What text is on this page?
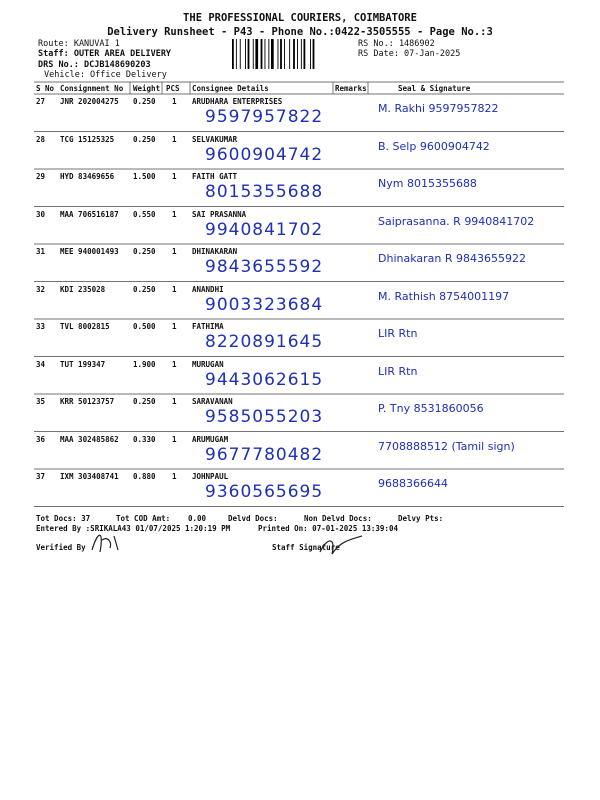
THE PROFESSIONAL COURIERS, COIMBATORE
Delivery Runsheet - P43 - Phone No.:0422-3505555 - Page No.:3
Route: KANUVAI 1
Staff: OUTER AREA DELIVERY
DRS No.: DCJB148690203
Vehicle: Office Delivery
RS No.: 1486902
RS Date: 07-Jan-2025
S No Consignment No Weight PCS Consignee Details	Remarks	Seal & Signature
27 JNR 202004275 0.250 1 ARUDHARA ENTERPRISES
9597957822	M. Rakhi 9597957822
28 TCG 15125325	0.250 1 SELVAKUMAR
9600904742	B. Selp 9600904742
29 HYD 83469656	1.500 1 FAITH GATT
8015355688	Nym 8015355688
30 MAA 706516187 0.550 1 SAI PRASANNA
9940841702	Saiprasanna. R 9940841702
31 MEE 940001493 0.250 1 DHINAKARAN
9843655592	Dhinakaran R 9843655922
32 KDI 235028	0.250 1 ANANDHI
9003323684	M. Rathish 8754001197
33 TVL 8002815	0.500 1 FATHIMA
8220891645	LIR Rtn
34 TUT 199347	1.900 1 MURUGAN
9443062615	LIR Rtn
35 KRR 50123757	0.250 1 SARAVANAN
9585055203	P. Tny 8531860056
36 MAA 302485862 0.330 1 ARUMUGAM
9677780482	7708888512 (Tamil sign)
37 IXM 303408741 0.880 1 JOHNPAUL
9360565695	9688366644
Tot Docs: 37	Tot COD Amt: 0.00	Delvd Docs:	Non Delvd Docs:	Delvy Pts:
Entered By :SRIKALA43 01/07/2025 1:20:19 PM	Printed On: 07-01-2025 13:39:04
Verified By	Staff Signature
